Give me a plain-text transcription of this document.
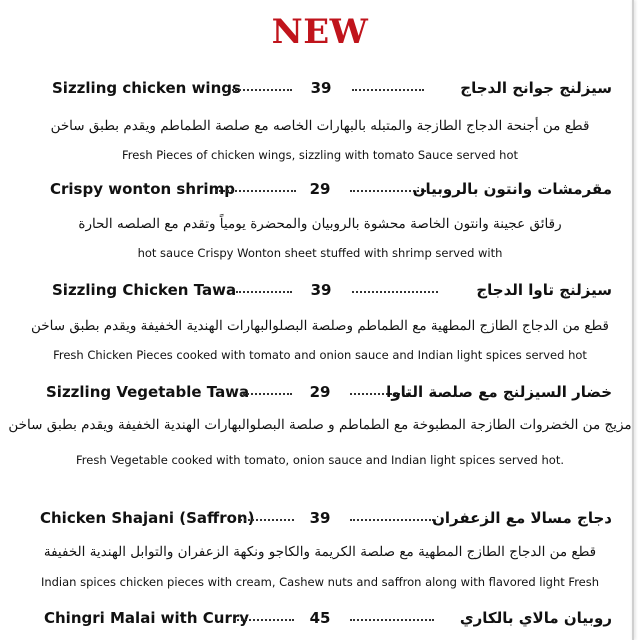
NEW
Sizzling chicken wings	39	سيزلنج جوانح الدجاج
قطع من أجنحة الدجاج الطازجة والمتبله بالبهارات الخاصه مع صلصة الطماطم ويقدم بطبق ساخن
Fresh Pieces of chicken wings, sizzling with tomato Sauce served hot
Crispy wonton shrimp	29	مقرمشات وانتون بالروبيان
رقائق عجينة وانتون الخاصة محشوة بالروبيان والمحضرة يومياً وتقدم مع الصلصه الحارة
hot sauce Crispy Wonton sheet stuffed with shrimp served with
Sizzling Chicken Tawa	39	سيزلنج تاوا الدجاج
قطع من الدجاج الطازج المطهية مع الطماطم وصلصة البصلوالبهارات الهندية الخفيفة ويقدم بطبق ساخن
Fresh Chicken Pieces cooked with tomato and onion sauce and Indian light spices served hot
Sizzling Vegetable Tawa	29	خضار السيزلنج مع صلصة التاوا
مزيج من الخضروات الطازجة المطبوخة مع الطماطم و صلصة البصلوالبهارات الهندية الخفيفة ويقدم بطبق ساخن
Fresh Vegetable cooked with tomato, onion sauce and Indian light spices served hot.
Chicken Shajani (Saffron)	39	دجاج مسالا مع الزعفران
قطع من الدجاج الطازج المطهية مع صلصة الكريمة والكاجو ونكهة الزعفران والتوابل الهندية الخفيفة
Indian spices chicken pieces with cream, Cashew nuts and saffron along with flavored light Fresh
Chingri Malai with Curry	45	روبيان مالاي بالكاري
